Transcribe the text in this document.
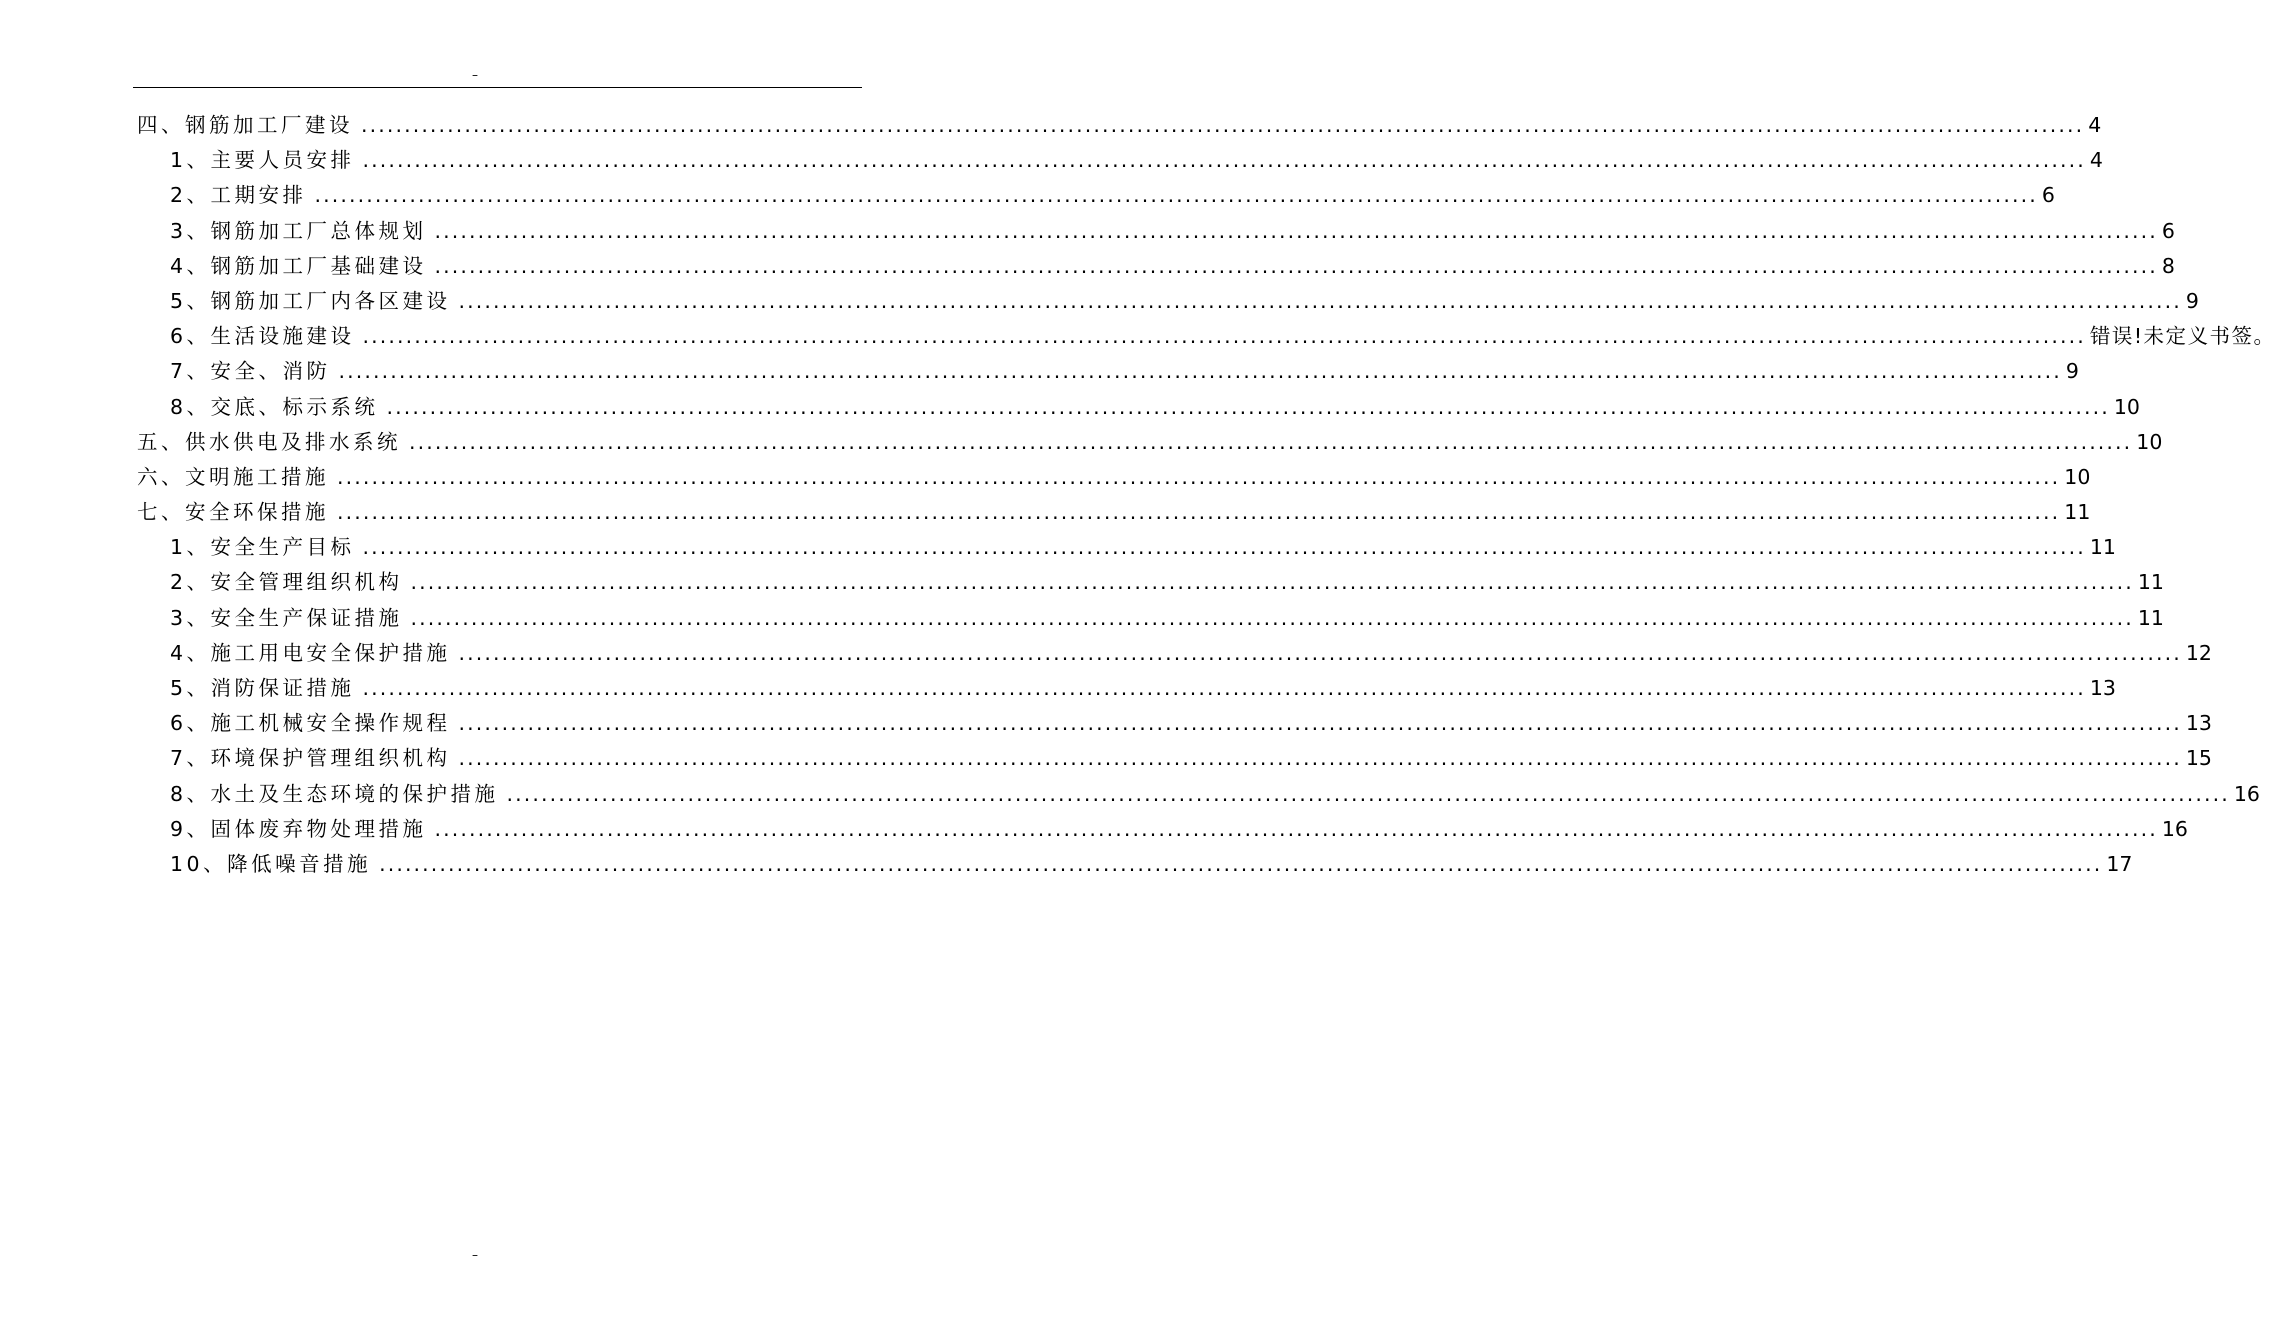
–
四、钢筋加工厂建设 ........................................................................................................................................................................................................ 4
1、主要人员安排 ........................................................................................................................................................................................................ 4
2、工期安排 ........................................................................................................................................................................................................ 6
3、钢筋加工厂总体规划 ........................................................................................................................................................................................................ 6
4、钢筋加工厂基础建设 ........................................................................................................................................................................................................ 8
5、钢筋加工厂内各区建设 ........................................................................................................................................................................................................ 9
6、生活设施建设 ........................................................................................................................................................................................................ 错误!未定义书签。
7、安全、消防 ........................................................................................................................................................................................................ 9
8、交底、标示系统 ........................................................................................................................................................................................................ 10
五、供水供电及排水系统 ........................................................................................................................................................................................................ 10
六、文明施工措施 ........................................................................................................................................................................................................ 10
七、安全环保措施 ........................................................................................................................................................................................................ 11
1、安全生产目标 ........................................................................................................................................................................................................ 11
2、安全管理组织机构 ........................................................................................................................................................................................................ 11
3、安全生产保证措施 ........................................................................................................................................................................................................ 11
4、施工用电安全保护措施 ........................................................................................................................................................................................................ 12
5、消防保证措施 ........................................................................................................................................................................................................ 13
6、施工机械安全操作规程 ........................................................................................................................................................................................................ 13
7、环境保护管理组织机构 ........................................................................................................................................................................................................ 15
8、水土及生态环境的保护措施 ........................................................................................................................................................................................................ 16
9、固体废弃物处理措施 ........................................................................................................................................................................................................ 16
10、降低噪音措施 ........................................................................................................................................................................................................ 17
–
